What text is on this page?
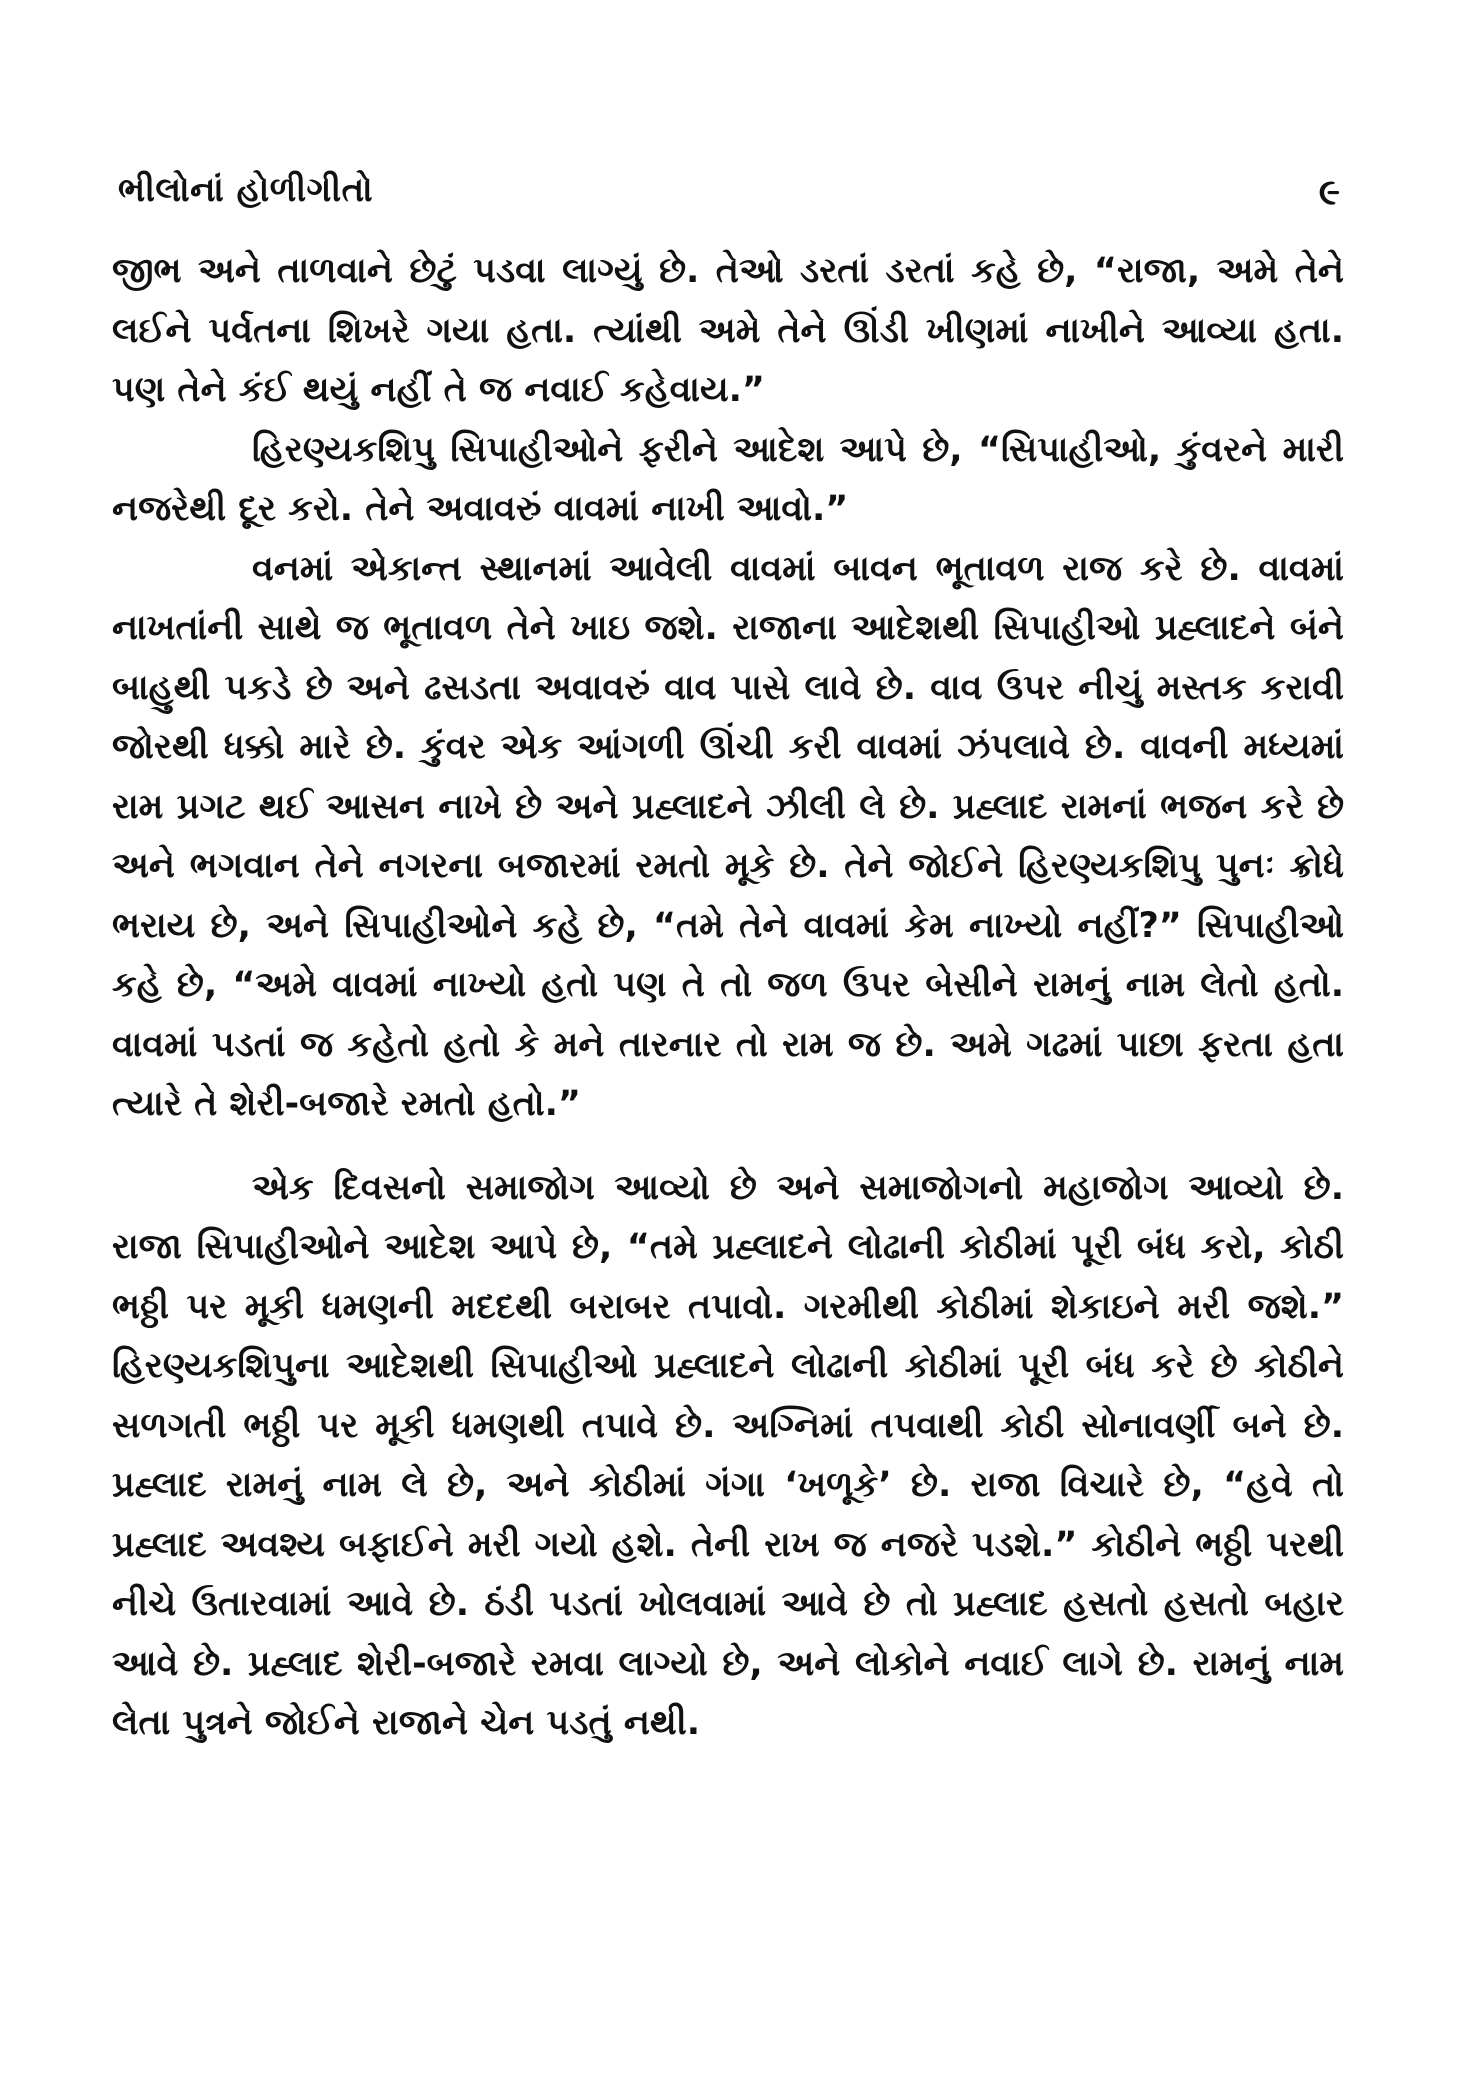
ભીલોનાં હોળીગીતો	૯

જીભ અને તાળવાને છેટું પડવા લાગ્યું છે. તેઓ ડરતાં ડરતાં કહે છે, “રાજા, અમે તેને લઈને પર્વતના શિખરે ગયા હતા. ત્યાંથી અમે તેને ઊંડી ખીણમાં નાખીને આવ્યા હતા. પણ તેને કંઈ થયું નહીં તે જ નવાઈ કહેવાય.”

હિરણ્યકશિપુ સિપાહીઓને ફરીને આદેશ આપે છે, “સિપાહીઓ, કુંવરને મારી નજરેથી દૂર કરો. તેને અવાવરું વાવમાં નાખી આવો.”

વનમાં એકાન્ત સ્થાનમાં આવેલી વાવમાં બાવન ભૂતાવળ રાજ કરે છે. વાવમાં નાખતાંની સાથે જ ભૂતાવળ તેને ખાઇ જશે. રાજાના આદેશથી સિપાહીઓ પ્રહ્લાદને બંને બાહુથી પકડે છે અને ઢસડતા અવાવરું વાવ પાસે લાવે છે. વાવ ઉપર નીચું મસ્તક કરાવી જોરથી ધક્કો મારે છે. કુંવર એક આંગળી ઊંચી કરી વાવમાં ઝંપલાવે છે. વાવની મધ્યમાં રામ પ્રગટ થઈ આસન નાખે છે અને પ્રહ્લાદને ઝીલી લે છે. પ્રહ્લાદ રામનાં ભજન કરે છે અને ભગવાન તેને નગરના બજારમાં રમતો મૂકે છે. તેને જોઈને હિરણ્યકશિપુ પુનઃ ક્રોધે ભરાય છે, અને સિપાહીઓને કહે છે, “તમે તેને વાવમાં કેમ નાખ્યો નહીં?” સિપાહીઓ કહે છે, “અમે વાવમાં નાખ્યો હતો પણ તે તો જળ ઉપર બેસીને રામનું નામ લેતો હતો. વાવમાં પડતાં જ કહેતો હતો કે મને તારનાર તો રામ જ છે. અમે ગઢમાં પાછા ફરતા હતા ત્યારે તે શેરી-બજારે રમતો હતો.”

એક દિવસનો સમાજોગ આવ્યો છે અને સમાજોગનો મહાજોગ આવ્યો છે. રાજા સિપાહીઓને આદેશ આપે છે, “તમે પ્રહ્લાદને લોઢાની કોઠીમાં પૂરી બંધ કરો, કોઠી ભઠ્ઠી પર મૂકી ધમણની મદદથી બરાબર તપાવો. ગરમીથી કોઠીમાં શેકાઇને મરી જશે.” હિરણ્યકશિપુના આદેશથી સિપાહીઓ પ્રહ્લાદને લોઢાની કોઠીમાં પૂરી બંધ કરે છે કોઠીને સળગતી ભઠ્ઠી પર મૂકી ધમણથી તપાવે છે. અગ્નિમાં તપવાથી કોઠી સોનાવર્ણી બને છે. પ્રહ્લાદ રામનું નામ લે છે, અને કોઠીમાં ગંગા ‘ખળૂકે’ છે. રાજા વિચારે છે, “હવે તો પ્રહ્લાદ અવશ્ય બફાઈને મરી ગયો હશે. તેની રાખ જ નજરે પડશે.” કોઠીને ભઠ્ઠી પરથી નીચે ઉતારવામાં આવે છે. ઠંડી પડતાં ખોલવામાં આવે છે તો પ્રહ્લાદ હસતો હસતો બહાર આવે છે. પ્રહ્લાદ શેરી-બજારે રમવા લાગ્યો છે, અને લોકોને નવાઈ લાગે છે. રામનું નામ લેતા પુત્રને જોઈને રાજાને ચેન પડતું નથી.
